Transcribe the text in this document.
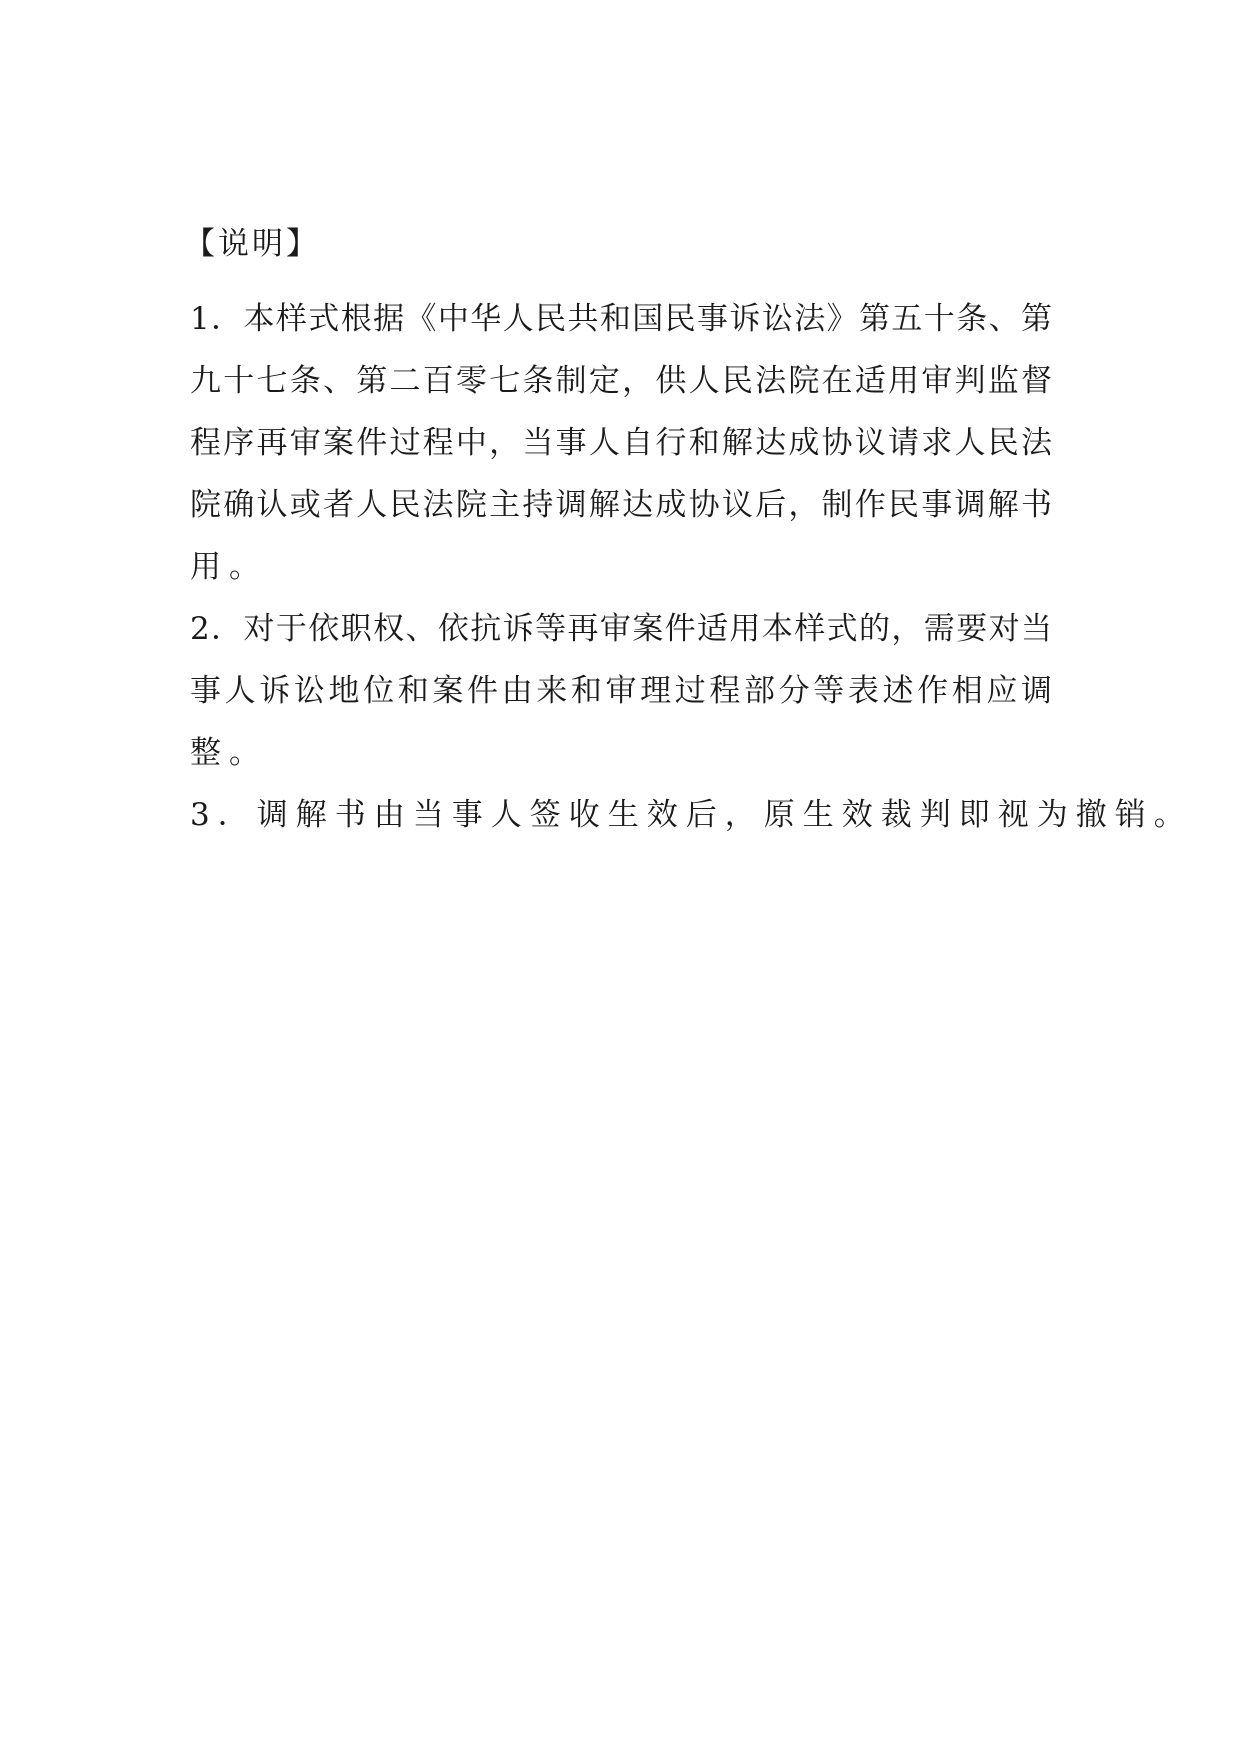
【说明】
1．本样式根据《中华人民共和国民事诉讼法》第五十条、第
九十七条、第二百零七条制定，供人民法院在适用审判监督
程序再审案件过程中，当事人自行和解达成协议请求人民法
院确认或者人民法院主持调解达成协议后，制作民事调解书
用。
2．对于依职权、依抗诉等再审案件适用本样式的，需要对当
事人诉讼地位和案件由来和审理过程部分等表述作相应调
整。
3．调解书由当事人签收生效后，原生效裁判即视为撤销。
